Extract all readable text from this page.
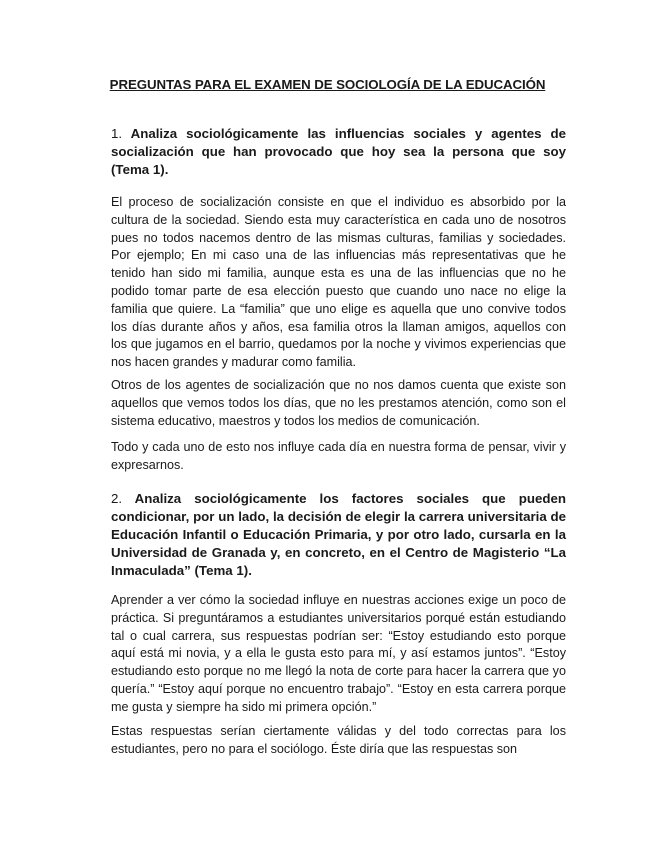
PREGUNTAS PARA EL EXAMEN DE SOCIOLOGÍA DE LA EDUCACIÓN
1. Analiza sociológicamente las influencias sociales y agentes de socialización que han provocado que hoy sea la persona que soy (Tema 1).

El proceso de socialización consiste en que el individuo es absorbido por la cultura de la sociedad. Siendo esta muy característica en cada uno de nosotros pues no todos nacemos dentro de las mismas culturas, familias y sociedades. Por ejemplo; En mi caso una de las influencias más representativas que he tenido han sido mi familia, aunque esta es una de las influencias que no he podido tomar parte de esa elección puesto que cuando uno nace no elige la familia que quiere. La “familia” que uno elige es aquella que uno convive todos los días durante años y años, esa familia otros la llaman amigos, aquellos con los que jugamos en el barrio, quedamos por la noche y vivimos experiencias que nos hacen grandes y madurar como familia.

Otros de los agentes de socialización que no nos damos cuenta que existe son aquellos que vemos todos los días, que no les prestamos atención, como son el sistema educativo, maestros y todos los medios de comunicación.

Todo y cada uno de esto nos influye cada día en nuestra forma de pensar, vivir y expresarnos.

2. Analiza sociológicamente los factores sociales que pueden condicionar, por un lado, la decisión de elegir la carrera universitaria de Educación Infantil o Educación Primaria, y por otro lado, cursarla en la Universidad de Granada y, en concreto, en el Centro de Magisterio “La Inmaculada” (Tema 1).

Aprender a ver cómo la sociedad influye en nuestras acciones exige un poco de práctica. Si preguntáramos a estudiantes universitarios porqué están estudiando tal o cual carrera, sus respuestas podrían ser: “Estoy estudiando esto porque aquí está mi novia, y a ella le gusta esto para mí, y así estamos juntos”. “Estoy estudiando esto porque no me llegó la nota de corte para hacer la carrera que yo quería.” “Estoy aquí porque no encuentro trabajo”. “Estoy en esta carrera porque me gusta y siempre ha sido mi primera opción.”

Estas respuestas serían ciertamente válidas y del todo correctas para los estudiantes, pero no para el sociólogo. Éste diría que las respuestas son
